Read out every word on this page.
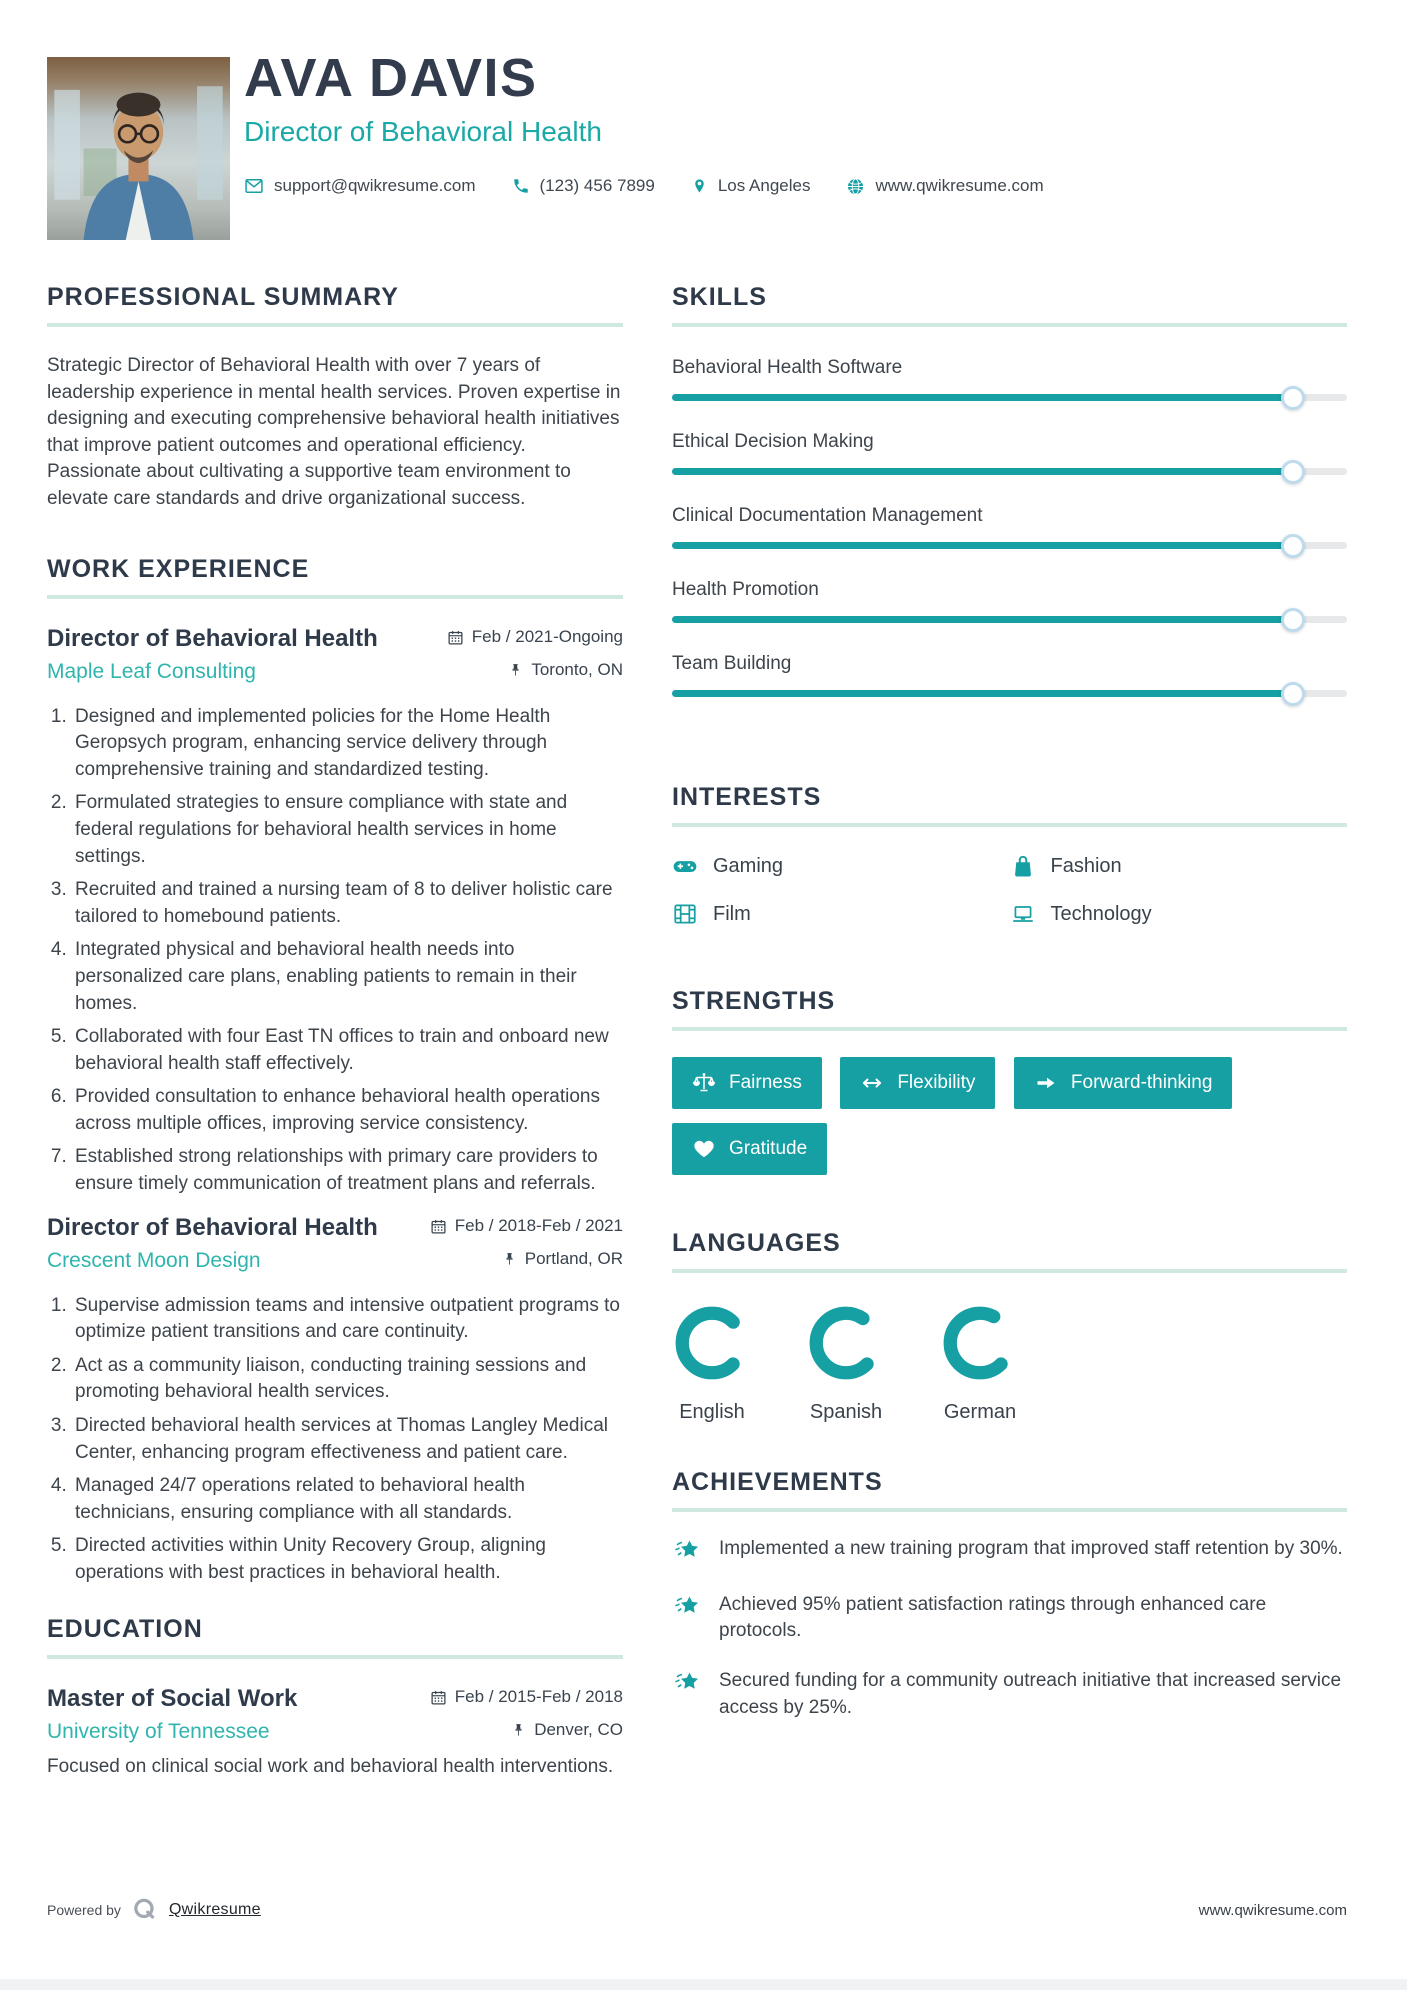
AVA DAVIS
Director of Behavioral Health
support@qwikresume.com	(123) 456 7899	Los Angeles	www.qwikresume.com
PROFESSIONAL SUMMARY

Strategic Director of Behavioral Health with over 7 years of leadership experience in mental health services. Proven expertise in designing and executing comprehensive behavioral health initiatives that improve patient outcomes and operational efficiency. Passionate about cultivating a supportive team environment to elevate care standards and drive organizational success.

WORK EXPERIENCE
Director of Behavioral Health	Feb / 2021-Ongoing
Maple Leaf Consulting	Toronto, ON
1. Designed and implemented policies for the Home Health Geropsych program, enhancing service delivery through comprehensive training and standardized testing.
2. Formulated strategies to ensure compliance with state and federal regulations for behavioral health services in home settings.
3. Recruited and trained a nursing team of 8 to deliver holistic care tailored to homebound patients.
4. Integrated physical and behavioral health needs into personalized care plans, enabling patients to remain in their homes.
5. Collaborated with four East TN offices to train and onboard new behavioral health staff effectively.
6. Provided consultation to enhance behavioral health operations across multiple offices, improving service consistency.
7. Established strong relationships with primary care providers to ensure timely communication of treatment plans and referrals.
Director of Behavioral Health	Feb / 2018-Feb / 2021
Crescent Moon Design	Portland, OR
1. Supervise admission teams and intensive outpatient programs to optimize patient transitions and care continuity.
2. Act as a community liaison, conducting training sessions and promoting behavioral health services.
3. Directed behavioral health services at Thomas Langley Medical Center, enhancing program effectiveness and patient care.
4. Managed 24/7 operations related to behavioral health technicians, ensuring compliance with all standards.
5. Directed activities within Unity Recovery Group, aligning operations with best practices in behavioral health.
EDUCATION
Master of Social Work	Feb / 2015-Feb / 2018
University of Tennessee	Denver, CO

Focused on clinical social work and behavioral health interventions.

SKILLS
Behavioral Health Software
Ethical Decision Making
Clinical Documentation Management
Health Promotion
Team Building
INTERESTS
Gaming	Fashion
Film	Technology
STRENGTHS
Fairness
	Flexibility
	Forward-thinking

Gratitude
LANGUAGES
English	Spanish	German
ACHIEVEMENTS
Implemented a new training program that improved staff retention by 30%.
Achieved 95% patient satisfaction ratings through enhanced care protocols.
Secured funding for a community outreach initiative that increased service access by 25%.
Powered by	Qwikresume	www.qwikresume.com
